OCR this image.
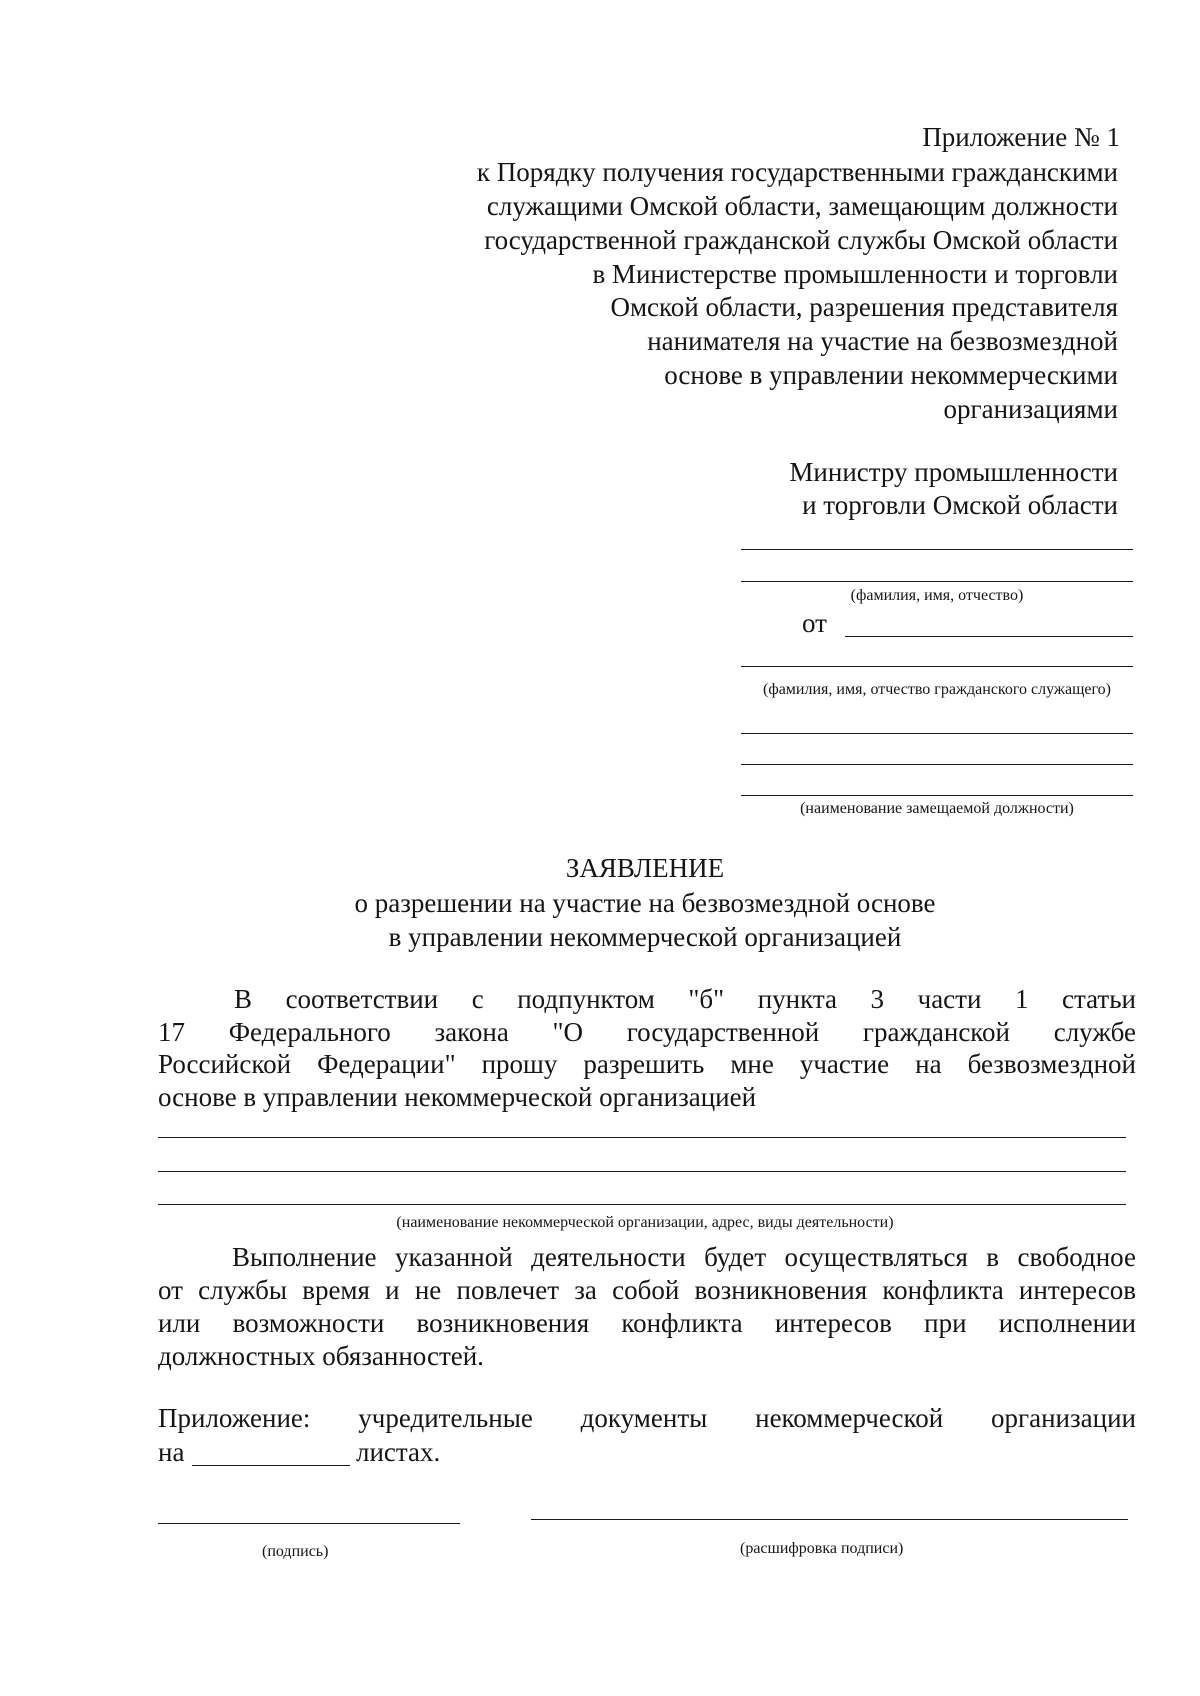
Приложение № 1
к Порядку получения государственными гражданскими
служащими Омской области, замещающим должности
государственной гражданской службы Омской области
в Министерстве промышленности и торговли
Омской области, разрешения представителя
нанимателя на участие на безвозмездной
основе в управлении некоммерческими
организациями
Министру промышленности
и торговли Омской области
(фамилия, имя, отчество)
от
(фамилия, имя, отчество гражданского служащего)
(наименование замещаемой должности)
ЗАЯВЛЕНИЕ
о разрешении на участие на безвозмездной основе
в управлении некоммерческой организацией
В соответствии с подпунктом "б" пункта 3 части 1 статьи
17 Федерального закона "О государственной гражданской службе
Российской Федерации" прошу разрешить мне участие на безвозмездной
основе в управлении некоммерческой организацией
(наименование некоммерческой организации, адрес, виды деятельности)
Выполнение указанной деятельности будет осуществляться в свободное
от службы время и не повлечет за собой возникновения конфликта интересов
или возможности возникновения конфликта интересов при исполнении
должностных обязанностей.
Приложение: учредительные документы некоммерческой организации
на	листах.
(подпись)	(расшифровка подписи)
